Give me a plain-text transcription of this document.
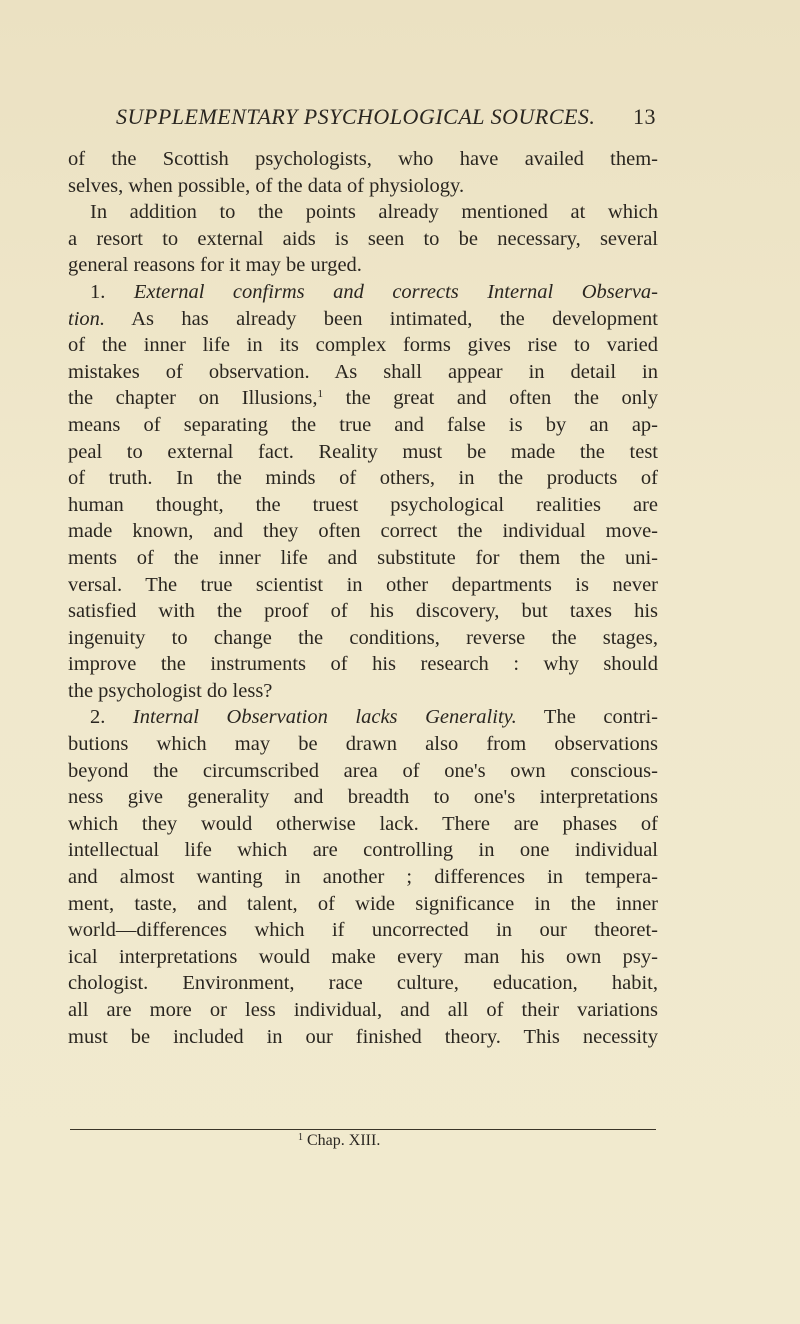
SUPPLEMENTARY PSYCHOLOGICAL SOURCES. 13
of the Scottish psychologists, who have availed them-
selves, when possible, of the data of physiology.
In addition to the points already mentioned at which
a resort to external aids is seen to be necessary, several
general reasons for it may be urged.
1. External confirms and corrects Internal Observa-
tion. As has already been intimated, the development
of the inner life in its complex forms gives rise to varied
mistakes of observation. As shall appear in detail in
the chapter on Illusions,$^1$ the great and often the only
means of separating the true and false is by an ap-
peal to external fact. Reality must be made the test
of truth. In the minds of others, in the products of
human thought, the truest psychological realities are
made known, and they often correct the individual move-
ments of the inner life and substitute for them the uni-
versal. The true scientist in other departments is never
satisfied with the proof of his discovery, but taxes his
ingenuity to change the conditions, reverse the stages,
improve the instruments of his research : why should
the psychologist do less?
2. Internal Observation lacks Generality. The contri-
butions which may be drawn also from observations
beyond the circumscribed area of one's own conscious-
ness give generality and breadth to one's interpretations
which they would otherwise lack. There are phases of
intellectual life which are controlling in one individual
and almost wanting in another ; differences in tempera-
ment, taste, and talent, of wide significance in the inner
world—differences which if uncorrected in our theoret-
ical interpretations would make every man his own psy-
chologist. Environment, race culture, education, habit,
all are more or less individual, and all of their variations
must be included in our finished theory. This necessity
$^1$ Chap. XIII.
